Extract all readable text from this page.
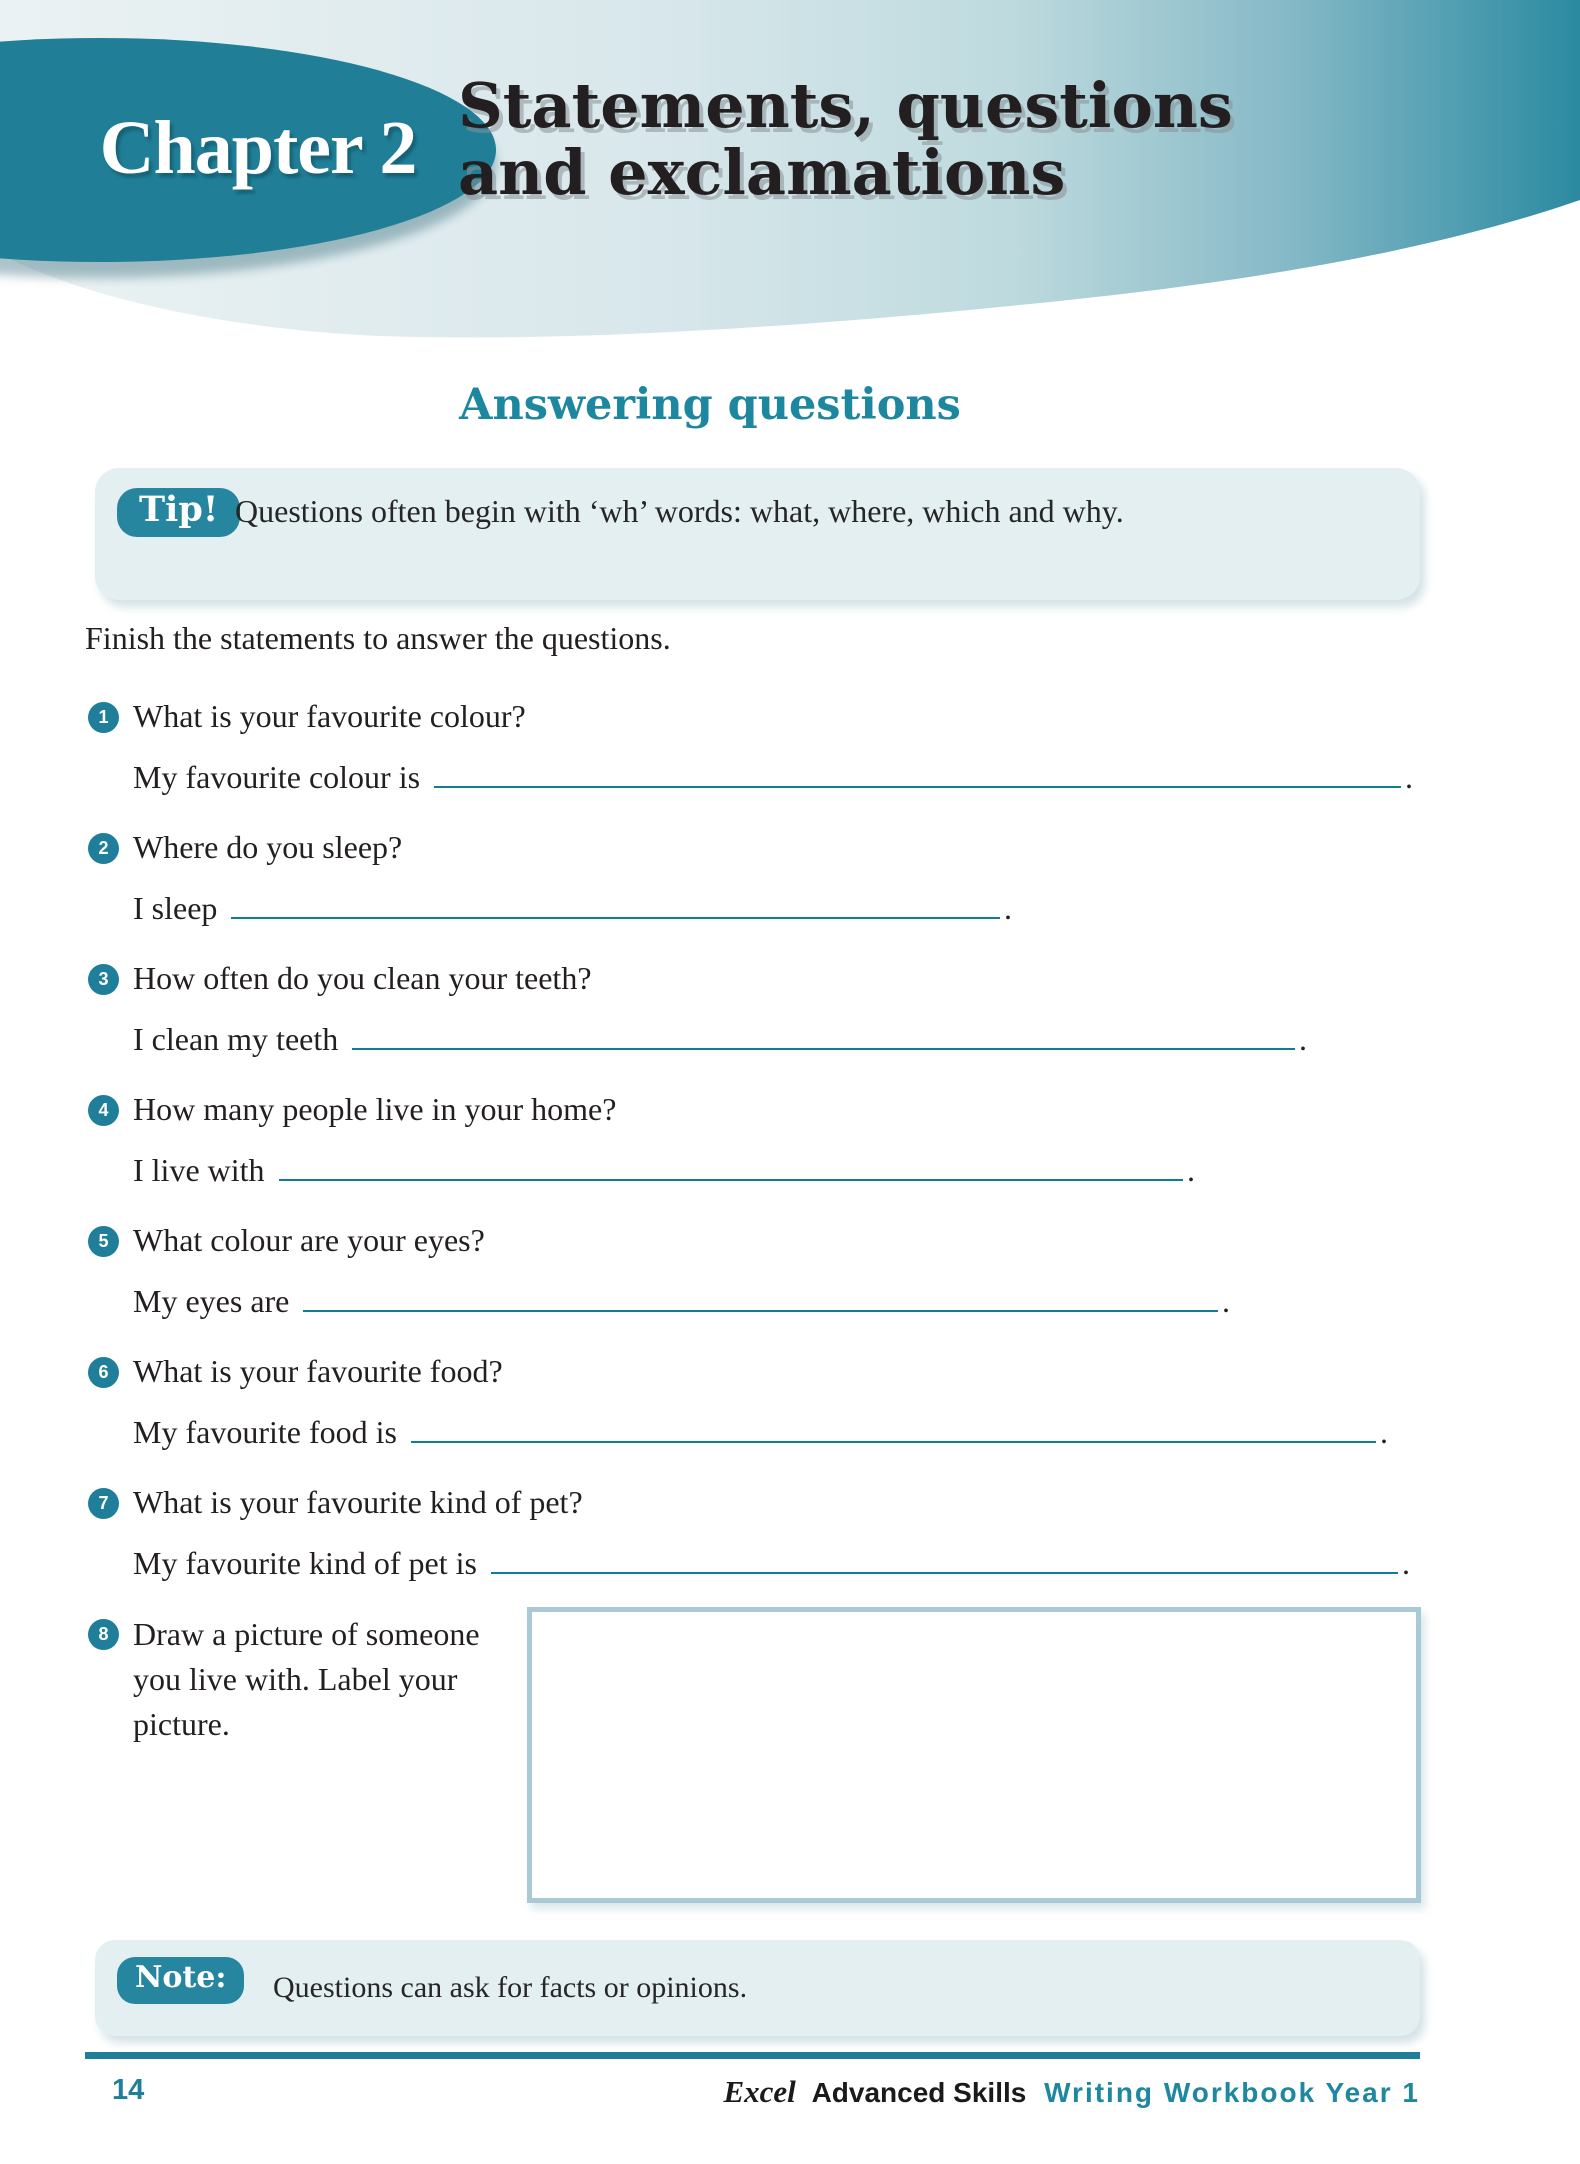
Chapter 2
Statements, questions
and exclamations
Answering questions
Tip! Questions often begin with ‘wh’ words: what, where, which and why.
Finish the statements to answer the questions.
1 What is your favourite colour?
My favourite colour is	.
2 Where do you sleep?
I sleep	.
3 How often do you clean your teeth?
I clean my teeth	.
4 How many people live in your home?
I live with	.
5 What colour are your eyes?
My eyes are	.
6 What is your favourite food?
My favourite food is	.
7 What is your favourite kind of pet?
My favourite kind of pet is	.
8 Draw a picture of someone you live with. Label your picture.
Note:	Questions can ask for facts or opinions.
14	Excel Advanced Skills Writing Workbook Year 1
